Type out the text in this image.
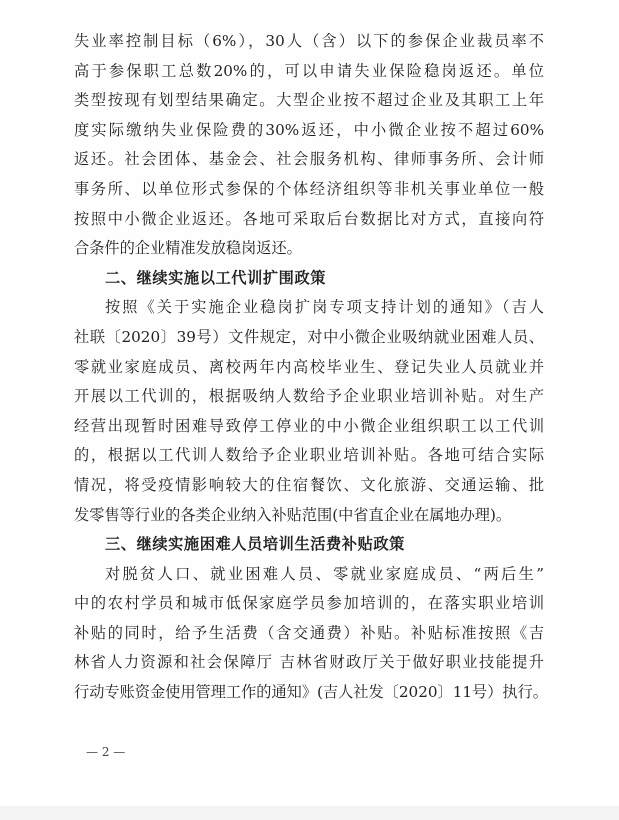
失业率控制目标（6%），30人（含）以下的参保企业裁员率不
高于参保职工总数20%的，可以申请失业保险稳岗返还。单位
类型按现有划型结果确定。大型企业按不超过企业及其职工上年
度实际缴纳失业保险费的30%返还，中小微企业按不超过60%
返还。社会团体、基金会、社会服务机构、律师事务所、会计师
事务所、以单位形式参保的个体经济组织等非机关事业单位一般
按照中小微企业返还。各地可采取后台数据比对方式，直接向符
合条件的企业精准发放稳岗返还。
二、继续实施以工代训扩围政策
按照《关于实施企业稳岗扩岗专项支持计划的通知》（吉人
社联〔2020〕39号）文件规定，对中小微企业吸纳就业困难人员、
零就业家庭成员、离校两年内高校毕业生、登记失业人员就业并
开展以工代训的，根据吸纳人数给予企业职业培训补贴。对生产
经营出现暂时困难导致停工停业的中小微企业组织职工以工代训
的，根据以工代训人数给予企业职业培训补贴。各地可结合实际
情况，将受疫情影响较大的住宿餐饮、文化旅游、交通运输、批
发零售等行业的各类企业纳入补贴范围(中省直企业在属地办理)。
三、继续实施困难人员培训生活费补贴政策
对脱贫人口、就业困难人员、零就业家庭成员、“两后生”
中的农村学员和城市低保家庭学员参加培训的，在落实职业培训
补贴的同时，给予生活费（含交通费）补贴。补贴标准按照《吉
林省人力资源和社会保障厅 吉林省财政厅关于做好职业技能提升
行动专账资金使用管理工作的通知》(吉人社发〔2020〕11号）执行。
— 2 —
